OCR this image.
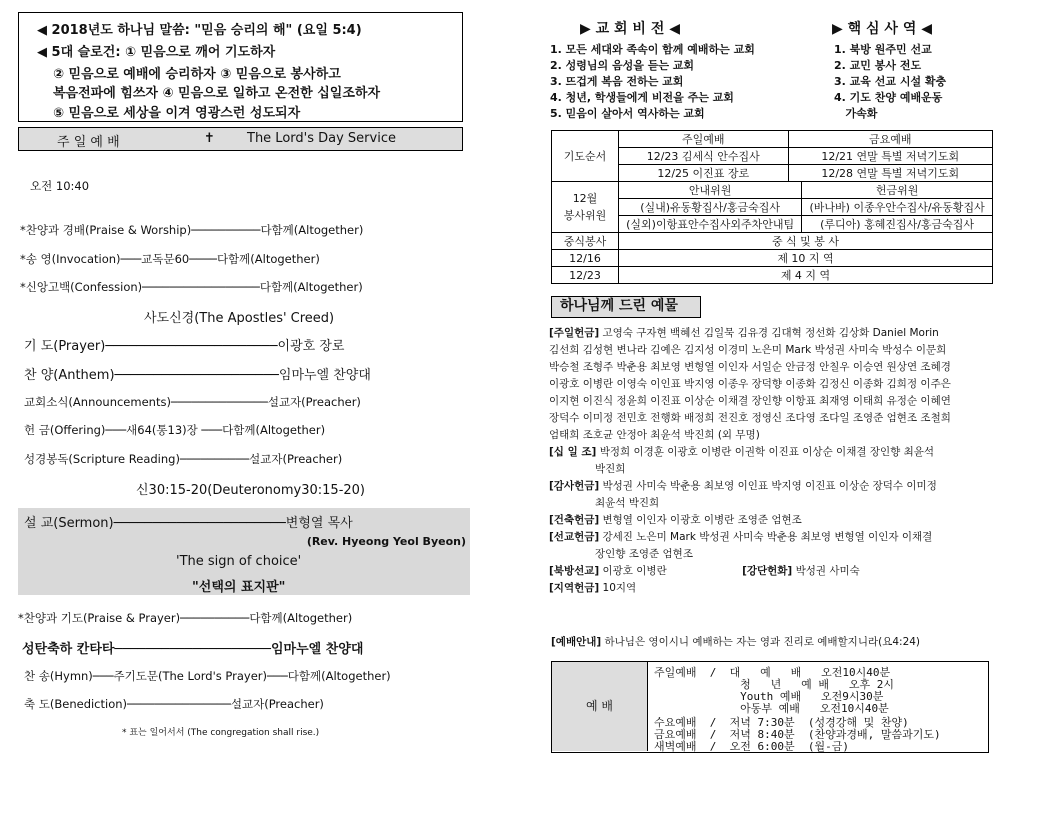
◀ 2018년도 하나님 말씀: "믿음 승리의 해" (요일 5:4)
◀ 5대 슬로건: ① 믿음으로 깨어 기도하자
② 믿음으로 예배에 승리하자 ③ 믿음으로 봉사하고
복음전파에 힘쓰자 ④ 믿음으로 일하고 온전한 십일조하자
⑤ 믿음으로 세상을 이겨 영광스런 성도되자
주 일 예 배	✝ The Lord's Day Service
오전 10:40
*찬양과 경배(Praise & Worship)──────────다함께(Altogether)
*송 영(Invocation)───교독문60────다함께(Altogether)
*신앙고백(Confession)─────────────────다함께(Altogether)
사도신경(The Apostles' Creed)
기 도(Prayer)──────────────────────이광호 장로
찬 양(Anthem)─────────────────────임마누엘 찬양대
교회소식(Announcements)──────────────설교자(Preacher)
헌 금(Offering)───새64(통13)장 ───다함께(Altogether)
성경봉독(Scripture Reading)──────────설교자(Preacher)
신30:15-20(Deuteronomy30:15-20)
설 교(Sermon)──────────────────────변형열 목사
(Rev. Hyeong Yeol Byeon)
'The sign of choice'
"선택의 표지판"
*찬양과 기도(Praise & Prayer)──────────다함께(Altogether)
성탄축하 칸타타────────────────────임마누엘 찬양대
찬 송(Hymn)───주기도문(The Lord's Prayer)───다함께(Altogether)
축 도(Benediction)───────────────설교자(Preacher)
* 표는 일어서서 (The congregation shall rise.)
▶ 교 회 비 전 ◀	▶ 핵 심 사 역 ◀
1. 모든 세대와 족속이 함께 예배하는 교회
2. 성령님의 음성을 듣는 교회
3. 뜨겁게 복음 전하는 교회
4. 청년, 학생들에게 비전을 주는 교회
5. 믿음이 살아서 역사하는 교회
1. 북방 원주민 선교
2. 교민 봉사 전도
3. 교육 선교 시설 확충
4. 기도 찬양 예배운동
가속화
기도순서	주일예배	금요예배
	12/23 김세식 안수집사	12/21 연말 특별 저녁기도회
	12/25 이진표 장로	12/28 연말 특별 저녁기도회
12월
봉사위원	안내위원	헌금위원
	(실내)유동황집사/홍금숙집사	(바나바) 이종우안수집사/유동황집사
	(실외)이항표안수집사외주차안내팀	(루디아) 홍혜진집사/홍금숙집사
중식봉사	중 식 및 봉 사
12/16	제 10 지 역
12/23	제 4 지 역
하나님께 드린 예물
[주일헌금] 고영숙 구자현 백혜선 김일묵 김유경 김대혁 정선화 김상화 Daniel Morin
김선희 김성현 변나라 김예은 김지성 이경미 노은미 Mark 박성권 사미숙 박성수 이문희
박승철 조형주 박춘용 최보영 변형열 이인자 서일순 안금정 안칠우 이승연 원상연 조혜경
이광호 이병란 이영숙 이인표 박지영 이종우 장덕향 이종화 김정신 이종화 김희정 이주은
이지현 이진식 정윤희 이진표 이상순 이채결 장인향 이항표 최재영 이태희 유정순 이혜연
장덕수 이미정 전민호 전행화 배정희 전진호 정영신 조다영 조다일 조영준 엄현조 조철희
엄태희 조호균 안정아 최윤석 박진희 (외 무명)
[십 일 조] 박정희 이경훈 이광호 이병란 이권학 이진표 이상순 이채결 장인향 최윤석
박진희
[감사헌금] 박성권 사미숙 박춘용 최보영 이인표 박지영 이진표 이상순 장덕수 이미정
최윤석 박진희
[건축헌금] 변형열 이인자 이광호 이병란 조영준 엄현조
[선교헌금] 강세진 노은미 Mark 박성권 사미숙 박춘용 최보영 변형열 이인자 이채결
장인향 조영준 엄현조
[북방선교] 이광호 이병란	[강단헌화] 박성권 사미숙
[지역헌금] 10지역
[예배안내] 하나님은 영이시니 예배하는 자는 영과 진리로 예배할지니라(요4:24)
예 배
주일예배  /  대   예   배   오전10시40분
청   년   예 배   오후 2시
Youth 예배   오전9시30분
아동부 예배   오전10시40분
수요예배  /  저녁 7:30분  (성경강해 및 찬양)
금요예배  /  저녁 8:40분  (찬양과경배, 말씀과기도)
새벽예배  /  오전 6:00분  (월-금)
